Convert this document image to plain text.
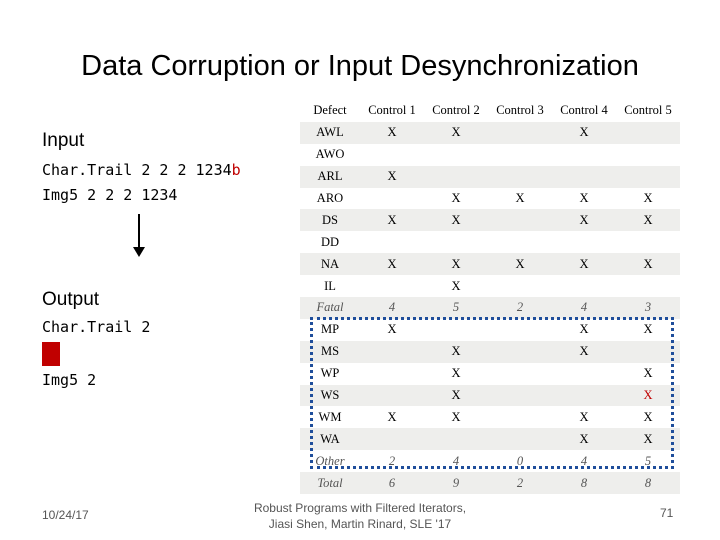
Data Corruption or Input Desynchronization
Input
Char.Trail 2 2 2 1234b
Img5 2 2 2 1234
Output
Char.Trail 2
Img5 2
Defect	Control 1	Control 2	Control 3	Control 4	Control 5
AWL	X	X		X	
AWO					
ARL	X				
ARO		X	X	X	X
DS	X	X		X	X
DD					
NA	X	X	X	X	X
IL		X			
Fatal	4	5	2	4	3
MP	X			X	X
MS		X		X	
WP		X			X
WS		X			X
WM	X	X		X	X
WA				X	X
Other	2	4	0	4	5
Total	6	9	2	8	8
10/24/17	Robust Programs with Filtered Iterators,
Jiasi Shen, Martin Rinard, SLE '17
71
